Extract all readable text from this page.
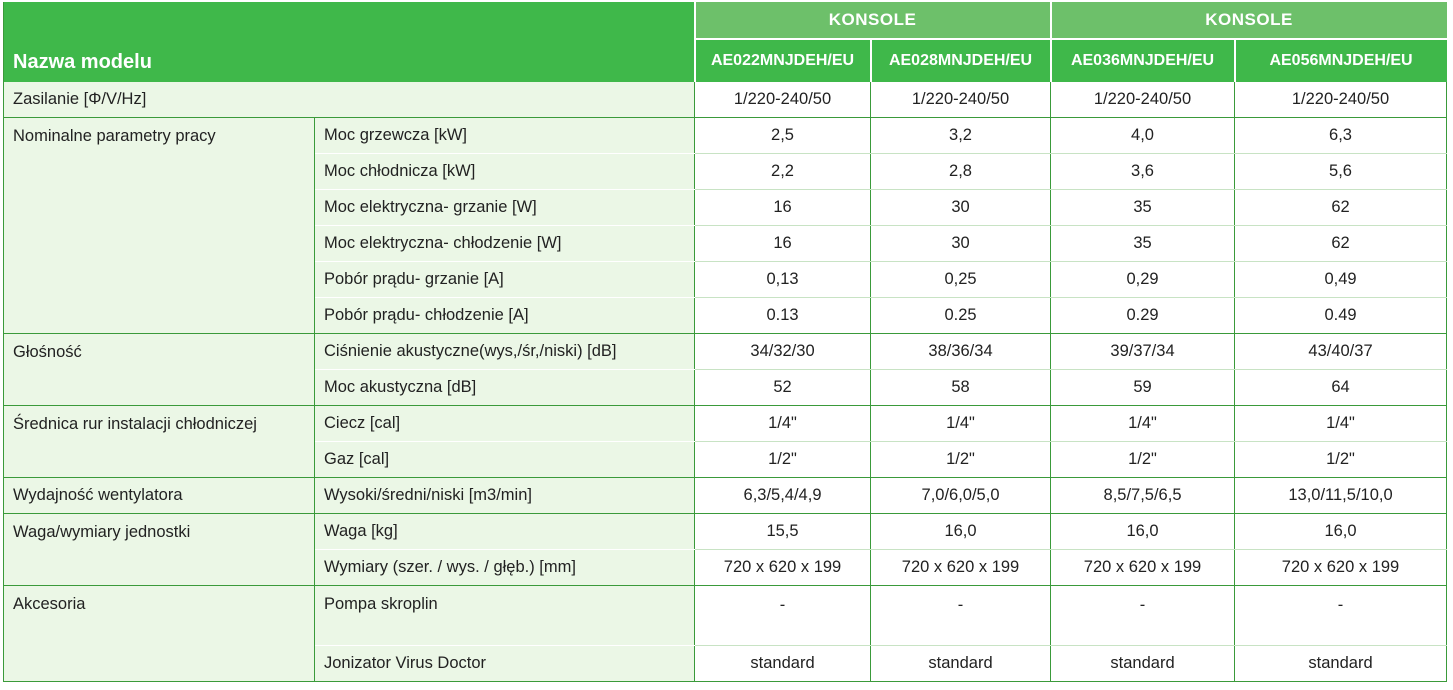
Nazwa modelu		KONSOLE		KONSOLE	
		AE022MNJDEH/EU	AE028MNJDEH/EU	AE036MNJDEH/EU	AE056MNJDEH/EU
Zasilanie [Φ/V/Hz]		1/220-240/50	1/220-240/50	1/220-240/50	1/220-240/50
Nominalne parametry pracy	Moc grzewcza [kW]	2,5	3,2	4,0	6,3
	Moc chłodnicza [kW]	2,2	2,8	3,6	5,6
	Moc elektryczna- grzanie [W]	16	30	35	62
	Moc elektryczna- chłodzenie [W]	16	30	35	62
	Pobór prądu- grzanie [A]	0,13	0,25	0,29	0,49
	Pobór prądu- chłodzenie [A]	0.13	0.25	0.29	0.49
Głośność	Ciśnienie akustyczne(wys,/śr,/niski) [dB]	34/32/30	38/36/34	39/37/34	43/40/37
	Moc akustyczna [dB]	52	58	59	64
Średnica rur instalacji chłodniczej	Ciecz [cal]	1/4"	1/4"	1/4"	1/4"
	Gaz [cal]	1/2"	1/2"	1/2"	1/2"
Wydajność wentylatora	Wysoki/średni/niski [m3/min]	6,3/5,4/4,9	7,0/6,0/5,0	8,5/7,5/6,5	13,0/11,5/10,0
Waga/wymiary jednostki	Waga [kg]	15,5	16,0	16,0	16,0
	Wymiary (szer. / wys. / głęb.) [mm]	720 x 620 x 199	720 x 620 x 199	720 x 620 x 199	720 x 620 x 199
Akcesoria	Pompa skroplin	-	-	-	-
	Jonizator Virus Doctor	standard	standard	standard	standard
